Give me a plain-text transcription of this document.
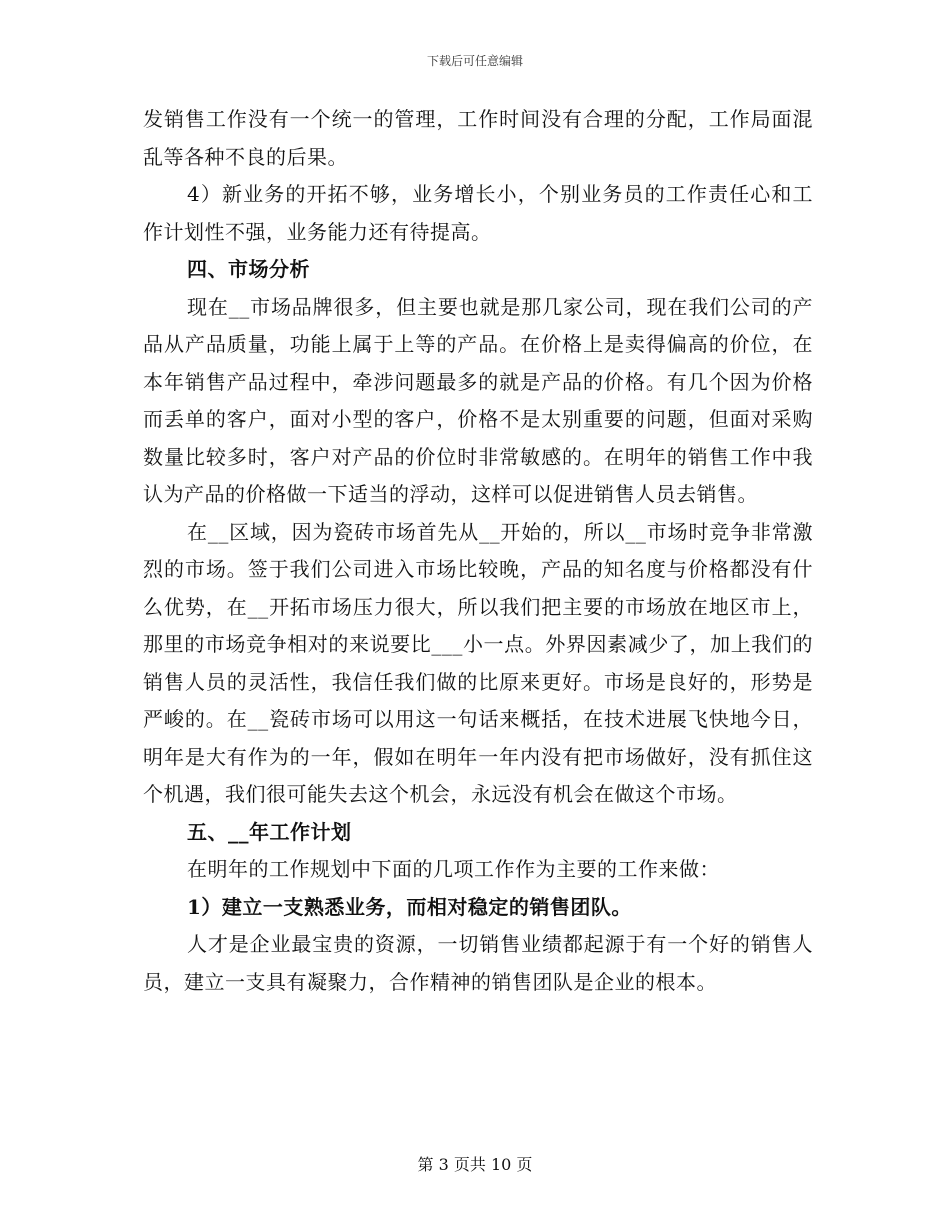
下载后可任意编辑

发销售工作没有一个统一的管理，工作时间没有合理的分配，工作局面混乱等各种不良的后果。

4）新业务的开拓不够，业务增长小，个别业务员的工作责任心和工作计划性不强，业务能力还有待提高。

四、市场分析

现在__市场品牌很多，但主要也就是那几家公司，现在我们公司的产品从产品质量，功能上属于上等的产品。在价格上是卖得偏高的价位，在本年销售产品过程中，牵涉问题最多的就是产品的价格。有几个因为价格而丢单的客户，面对小型的客户，价格不是太别重要的问题，但面对采购数量比较多时，客户对产品的价位时非常敏感的。在明年的销售工作中我认为产品的价格做一下适当的浮动，这样可以促进销售人员去销售。

在__区域，因为瓷砖市场首先从__开始的，所以__市场时竞争非常激烈的市场。签于我们公司进入市场比较晚，产品的知名度与价格都没有什么优势，在__开拓市场压力很大，所以我们把主要的市场放在地区市上，那里的市场竞争相对的来说要比___小一点。外界因素减少了，加上我们的销售人员的灵活性，我信任我们做的比原来更好。市场是良好的，形势是严峻的。在__瓷砖市场可以用这一句话来概括，在技术进展飞快地今日，明年是大有作为的一年，假如在明年一年内没有把市场做好，没有抓住这个机遇，我们很可能失去这个机会，永远没有机会在做这个市场。

五、__年工作计划

在明年的工作规划中下面的几项工作作为主要的工作来做：

1）建立一支熟悉业务，而相对稳定的销售团队。

人才是企业最宝贵的资源，一切销售业绩都起源于有一个好的销售人员，建立一支具有凝聚力，合作精神的销售团队是企业的根本。

第 3 页共 10 页
